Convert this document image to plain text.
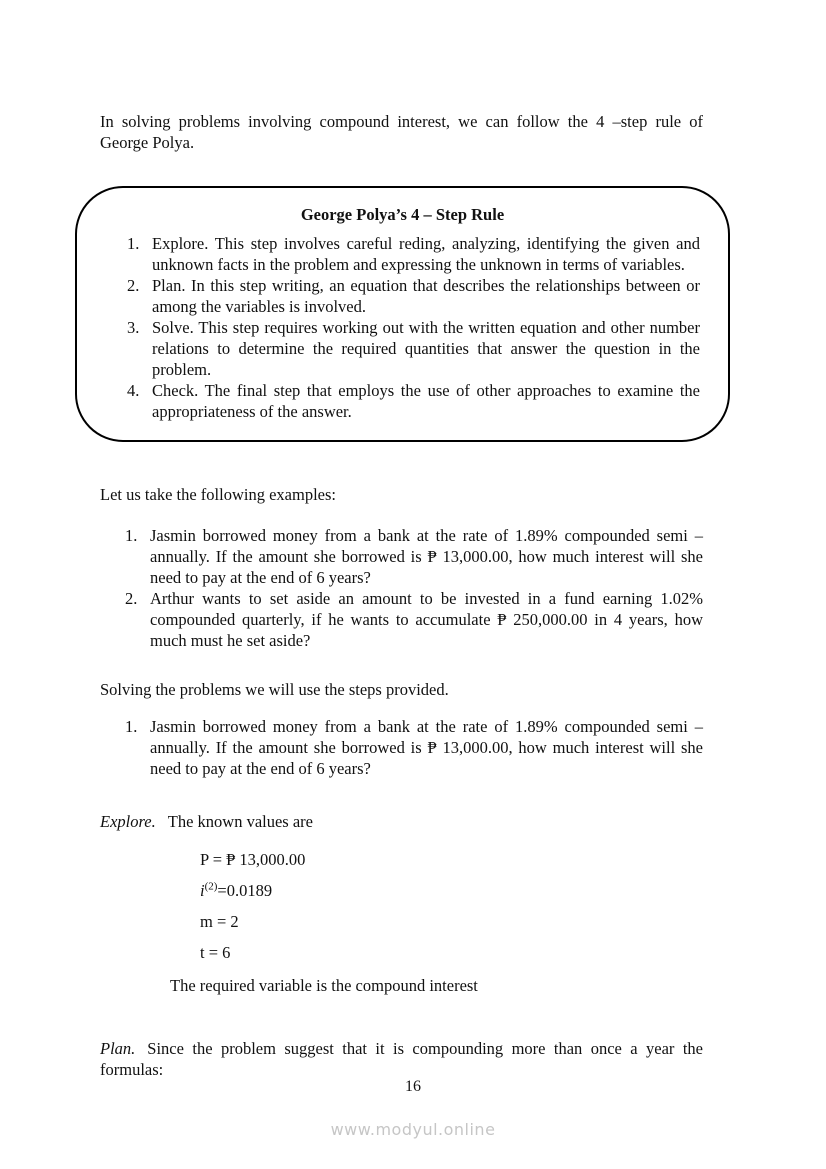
In solving problems involving compound interest, we can follow the 4 –step rule of George Polya.

George Polya’s 4 – Step Rule
1. Explore. This step involves careful reding, analyzing, identifying the given and unknown facts in the problem and expressing the unknown in terms of variables.
2. Plan. In this step writing, an equation that describes the relationships between or among the variables is involved.
3. Solve. This step requires working out with the written equation and other number relations to determine the required quantities that answer the question in the problem.
4. Check. The final step that employs the use of other approaches to examine the appropriateness of the answer.

Let us take the following examples:

1. Jasmin borrowed money from a bank at the rate of 1.89% compounded semi – annually. If the amount she borrowed is ₱ 13,000.00, how much interest will she need to pay at the end of 6 years?
2. Arthur wants to set aside an amount to be invested in a fund earning 1.02% compounded quarterly, if he wants to accumulate ₱ 250,000.00 in 4 years, how much must he set aside?

Solving the problems we will use the steps provided.

1. Jasmin borrowed money from a bank at the rate of 1.89% compounded semi – annually. If the amount she borrowed is ₱ 13,000.00, how much interest will she need to pay at the end of 6 years?

Explore. The known values are

P = ₱ 13,000.00
$i^{(2)}=0.0189$
m = 2
t = 6

The required variable is the compound interest

Plan. Since the problem suggest that it is compounding more than once a year the formulas:

16
www.modyul.online
